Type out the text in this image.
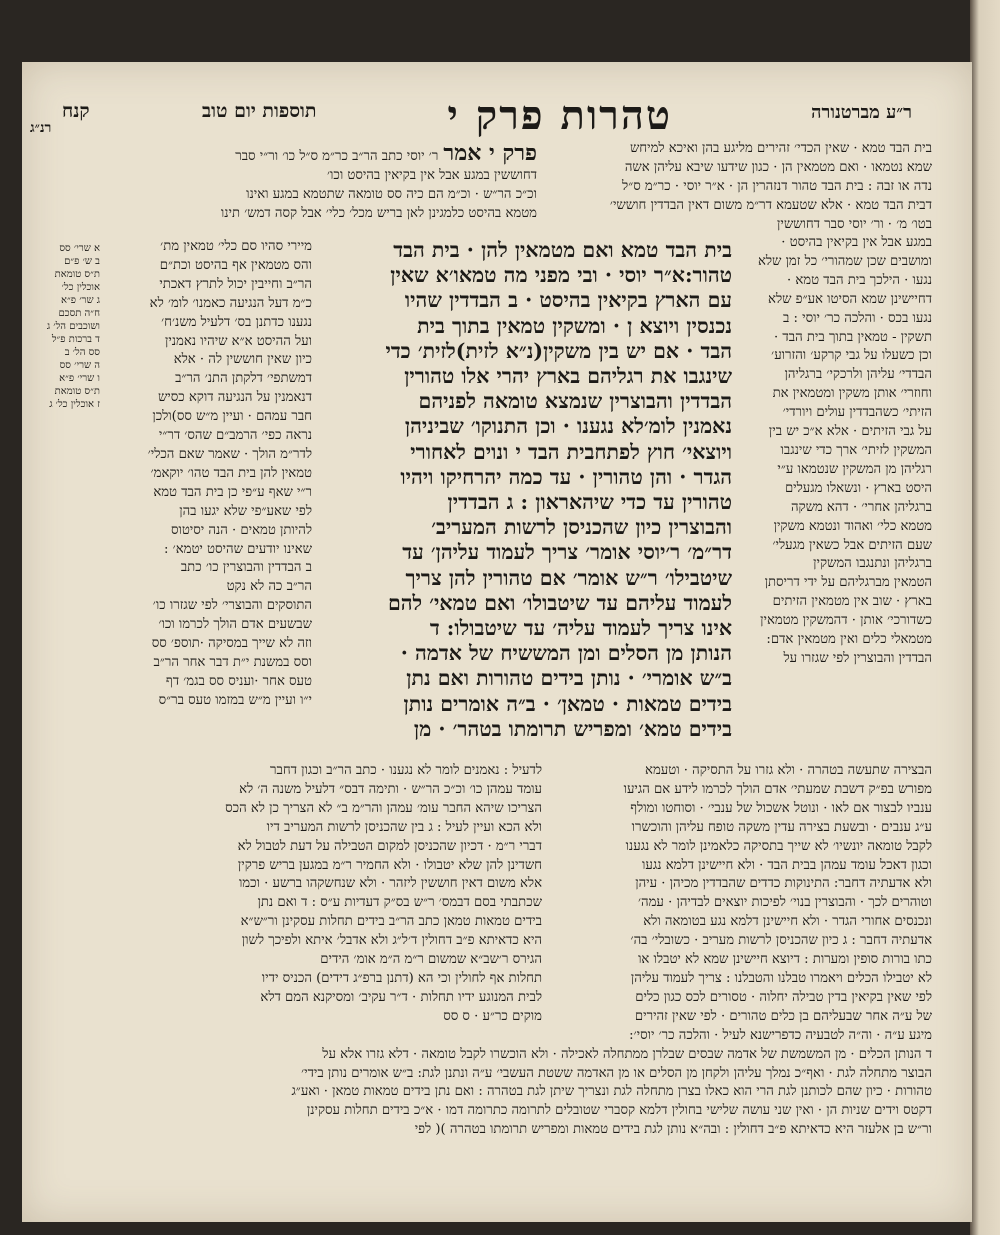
ר״ע מברטנורה
טהרות פרק י
תוספות יום טוב
קנח
רנ״ג
בית הבד טמא · שאין הכדי׳ זהירים מליגע בהן ואיכא למיחש
שמא נטמאו · ואם מטמאין הן · כגון שידעו שיבא עליהן אשה
נדה או זבה : בית הבד טהור דנזהרין הן · א״ר יוסי · כר״מ ס״ל
דבית הבד טמא · אלא שטעמא דר״מ משום דאין הבדדין חוששי׳
בטו׳ מ׳ · ור׳ יוסי סבר דחוששין
במגע אבל אין בקיאין בהיסט ·
ומושבים שכן שמהורי׳ כל זמן שלא
נגעו · הילכך בית הבד טמא ·
דחיישינן שמא הסיטו אע״פ שלא
נגעו בכס · והלכה כר׳ יוסי : ב
תשקין - טמאין בתוך בית הבד ·
וכן כשעלו על גבי קרקע׳ והזרוע׳
הבדדי׳ עליהן ולרכקי׳ ברגליהן
וחוזרי׳ אותן משקין ומטמאין את
הזיתי׳ כשהבדדין עולים ויורדי׳
על גבי הזיתים · אלא א״כ יש בין
המשקין לזיתי׳ ארך כדי שינגבו
רגליהן מן המשקין שנטמאו ע״י
היסט בארץ · ונשאלו מגעלים
ברגליהן אחרי׳ · דהא משקה
מטמא כלי׳ ואהוד ונטמא משקין
שעם הזיתים אבל כשאין מגעלי׳
ברגליהן ונתנגבו המשקין
הטמאין מברגליהם על ידי דריסתן
בארץ · שוב אין מטמאין הזיתים
כשדורכי׳ אותן · דהמשקין מטמאין
מטמאלי כלים ואין מטמאין אדם:
הבדדין והבוצרין לפי שגזרו על
הבצירה שתעשה בטהרה · ולא גזרו על התסיקה · וטעמא
מפורש בפ״ק דשבת שמעתי׳ אדם הולך לכרמו לידע אם הגיעו
ענביו לבצור אם לאו · ונוטל אשכול של ענבי׳ · וסוחטו ומולף
ע״ג ענבים · ובשעת בצירה עדין משקה טופח עליהן והוכשרו
לקבל טומאה יונשיו׳ לא שייך בתסיקה כלאמינן לומר לא נגענו
וכגון דאכל עומד עמהן בבית הבד · ולא חיישינן דלמא נגעו
ולא אדעתיה דחבר: התינוקות כדדים שהבדדין מכיהן · עיהן
וטוהרים לכך · והבוצרין בנוי׳ לפיכות יוצאים לבדיהן · עמה׳
ונכנסים אחורי הגדר · ולא חיישינן דלמא נגע בטומאה ולא
אדעתיה דחבר : ג כיון שהכניסן לרשות מעריב · כשובלי׳ בה׳
כתו בורות סופין ומערות : דיוצא חיישינן שמא לא יטבלו או
לא יטבילו הכלים ויאמרו טבלנו והטבלנו : צריך לעמוד עליהן
לפי שאין בקיאין בדין טבילה יחלוה · טסורים לכס כגון כלים
של ע״ה אחר שבעליהם בן כלים טהורים · לפי שאין זהירים
מיגע ע״ה · וה״ה לטבעיה כדפרישנא לעיל · והלכה כר׳ יוסי׳:
ד הנותן הכלים · מן המשמשת של אדמה שבסים שבלרן ממתחלה לאכילה · ולא הוכשרו לקבל טומאה · דלא גזרו אלא על
הבוצר מתחלה לגת · ואף״כ נמלך עליהן ולקחן מן הסלים או מן האדמה ששטת העשבי׳ ע״ה ונתנן לגת: ב״ש אומרים נותן בידי׳
טהורות · כיון שהם לכותנן לגת הרי הוא כאלו בצרן מתחלה לגת ונצריך שיתן לגת בטהרה : ואם נתן בידים טמאות טמאן · ואע״ג
דקטס וידים שניות הן · ואין שני עושה שלישי בחולין דלמא קסברי שטובלים לתרומה כתרומה דמו · א״כ בידים תחלות עסקינן
ור״ש בן אלעזר היא כדאיתא פ״ב דחולין : ובה״א נותן לגת בידים טמאות ומפריש תרומתו בטהרה )( לפי
פרק י אמר ר׳ יוסי כתב הר״ב כר״מ ס״ל כו׳ ור״י סבר
דחוששין במגע אבל אין בקיאין בהיסט וכו׳
וכ״כ הר״ש · וכ״מ הם כיה סס טומאה שתטמא במגע ואינו
מטמא בהיסט כלמגינן לאן בריש מכל׳ כלי׳ אבל קסה דמש׳ תינו
בית הבד טמא ואם מטמאין להן · בית הבד
טהור:א״ר יוסי · ובי מפני מה טמאו׳א שאין
עם הארץ בקיאין בהיסט · ב הבדדין שהיו
נכנסין ויוצא ן · ומשקין טמאין בתוך בית
הבד · אם יש בין משקין(נ״א לזית)לזית׳ כדי
שינגבו את רגליהם בארץ יהרי אלו טהורין
הבדדין והבוצרין שנמצא טומאה לפניהם
נאמנין לומ׳לא נגענו · וכן התנוקו׳ שביניהן
ויוצאי׳ חוץ לפתחבית הבד י ונוים לאחורי
הגדר · והן טהורין · עד כמה יהרחיקו ויהיו
טהורין עד כדי שיהאראון : ג הבדדין
והבוצרין כיון שהכניסן לרשות המעריב׳
דר״מ׳ ר׳יוסי אומר׳ צריך לעמוד עליהן׳ עד
שיטבילו׳ ר״ש אומר׳ אם טהורין להן צריך
לעמוד עליהם עד שיטבולו׳ ואם טמאי׳ להם
אינו צריך לעמוד עליה׳ עד שיטבולו: ד
הנותן מן הסלים ומן המששיח של אדמה ·
ב״ש אומרי׳ · נותן בידים טהורות ואם נתן
בידים טמאות · טמאן׳ · ב״ה אומרים נותן
בידים טמא׳ ומפריש תרומתו בטהר׳ · מן
מיירי סהיו סם כלי׳ טמאין מת׳
והס מטמאין אף בהיסט וכת״ם
הר״ב וחייבין יכול לתרץ דאכתי
כ״מ דעל הנגיעה כאמנו׳ לומ׳ לא
נגענו כדתנן בס׳ דלעיל משנ׳ח׳
ועל ההיסט א״א שיהיו נאמנין
כיון שאין חוששין לה · אלא
דמשתפי׳ דלקתן התנ׳ הר״ב
דנאמנין על הנגיעה דוקא כסיש
חבר עמהם · ועיין מ״ש סס)ולכן
נראה כפי׳ הרמב״ם שהס׳ דר״י
לדר״מ הולך · שאמר שאם הכלי׳
טמאין להן בית הבד טהו׳ יוקאמ׳
ר״י שאף ע״פי כן בית הבד טמא
לפי שאע״פי שלא יגעו בהן
להיותן טמאים · הנה יסיטוס
שאינו יודעים שהיסט יטמא׳ :
ב הבדדין והבוצרין כו׳ כתב
הר״ב כה לא נקט
התוסקים והבוצרי׳ לפי שגזרו כו׳
שבשעים אדם הולך לכרמו וכו׳
וזה לא שייך במסיקה ·תוספ׳ סס
וסס במשנת י״ת דבר אחר הר״ב
טעס אחר ·ועניס סס בגמ׳ דף
י״ו ועיין מ״ש במזמו טעס בר״ס
א שרי׳ סס
ב ש׳ פ״ם
ת״ס טומאת
אוכלין כל׳
ג שר׳ פ״א
ח״ה תסכם
ושוכבים הל׳ ג
ד ברכות פ״ל
סס הל׳ ב
ה שרי׳ סס
ו שרי׳ פ״א
ת״ס טומאת
ז אוכלין כל׳ ג
לדעיל : נאמנים לומר לא נגענו · כתב הר״ב וכגון דחבר
עומד עמהן כו׳ וכ״כ הר״ש · ותימה דבס״ דלעיל משנה ה׳ לא
הצריכו שיהא החבר עומ׳ עמהן והר״מ ב״ לא הצריך כן לא הכס
ולא הכא ועיין לעיל : ג בין שהכניסן לרשות המעריב דיו
דברי ר״מ · דכיון שהכניסן למקום הטבילה על דעת לטבול לא
חשדינן להן שלא יטבולו · ולא החמיר ר״מ במגען בריש פרקין
אלא משום דאין חוששין ליזהר · ולא שנחשקהו ברשע · וכמו
שכתבתי בסם דבמס׳ ר״ש בס״ק דעדיות ע״ס : ד ואם נתן
בידים טמאות טמאן כתב הר״ב בידים תחלות עסקינן ור״ש״א
היא כדאיתא פ״ב דחולין ד׳ל״ג ולא אדבל׳ איתא ולפיכך לשון
הגירס ר׳שב״א שמשום ר״מ ה״מ אומ׳ הידים
תחלות אף לחולין וכי הא (דתנן ברפ״ג דידים) הכניס ידיו
לבית המנוגע ידיו תחלות · ד״ר עקיב׳ ומסיקנא המם דלא
מוקים כר״ע · ס סס
